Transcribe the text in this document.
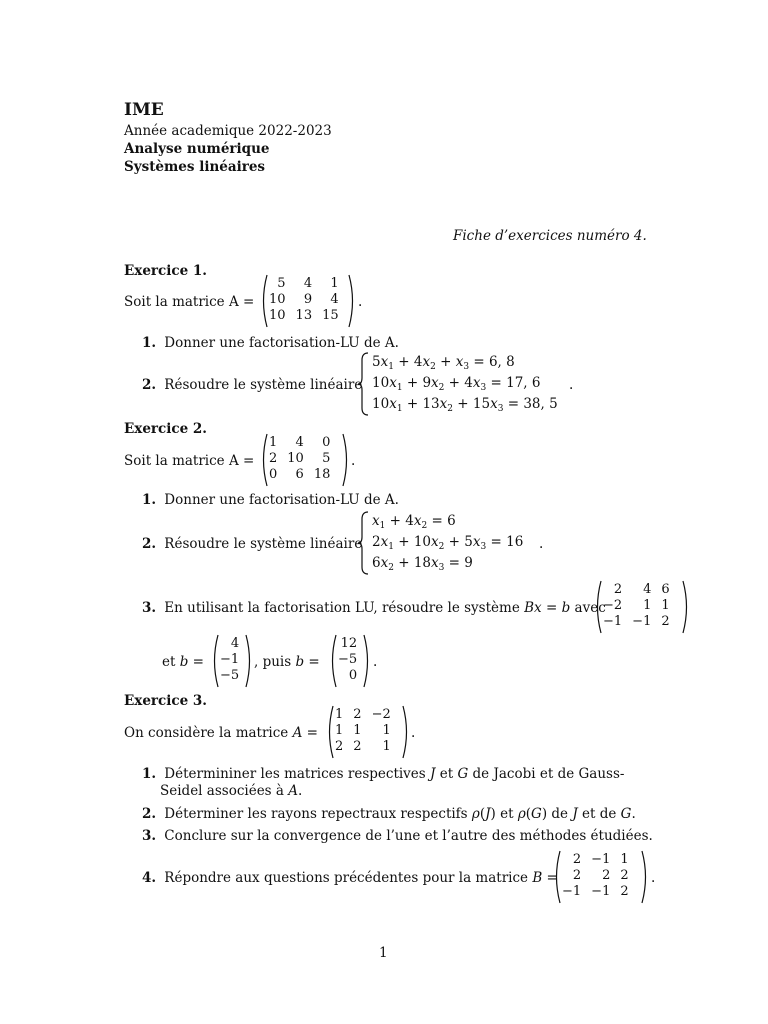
IME
Année academique 2022-2023
Analyse numérique
Systèmes linéaires
Fiche d’exercices numéro 4.
Exercice 1.
Soit la matrice A =
5	4	1
10	9	4
10	13	15
.
1. Donner une factorisation-LU de A.
2. Résoudre le système linéaire
$5x_1 + 4x_2 + x_3 = 6$, 8
$10x_1 + 9x_2 + 4x_3 = 17$, 6
$10x_1 + 13x_2 + 15x_3 = 38$, 5
.
Exercice 2.
Soit la matrice A =
1	4	0
2	10	5
0	6	18
.
1. Donner une factorisation-LU de A.
2. Résoudre le système linéaire
$x_1 + 4x_2 = 6$
$2x_1 + 10x_2 + 5x_3 = 16$
$6x_2 + 18x_3 = 9$
.
3. En utilisant la factorisation LU, résoudre le système Bx = b avec
2	4	6
−2	1	1
−1	−1	2
et b =
4
−1
−5
, puis b =
12
−5
0
.
Exercice 3.
On considère la matrice A =
1	2	−2
1	1	1
2	2	1
.
1. Détermininer les matrices respectives J et G de Jacobi et de Gauss-
Seidel associées à A.
2. Déterminer les rayons repectraux respectifs ρ(J) et ρ(G) de J et de G.
3. Conclure sur la convergence de l’une et l’autre des méthodes étudiées.
4. Répondre aux questions précédentes pour la matrice B =
2	−1	1
2	2	2
−1	−1	2
.
1
